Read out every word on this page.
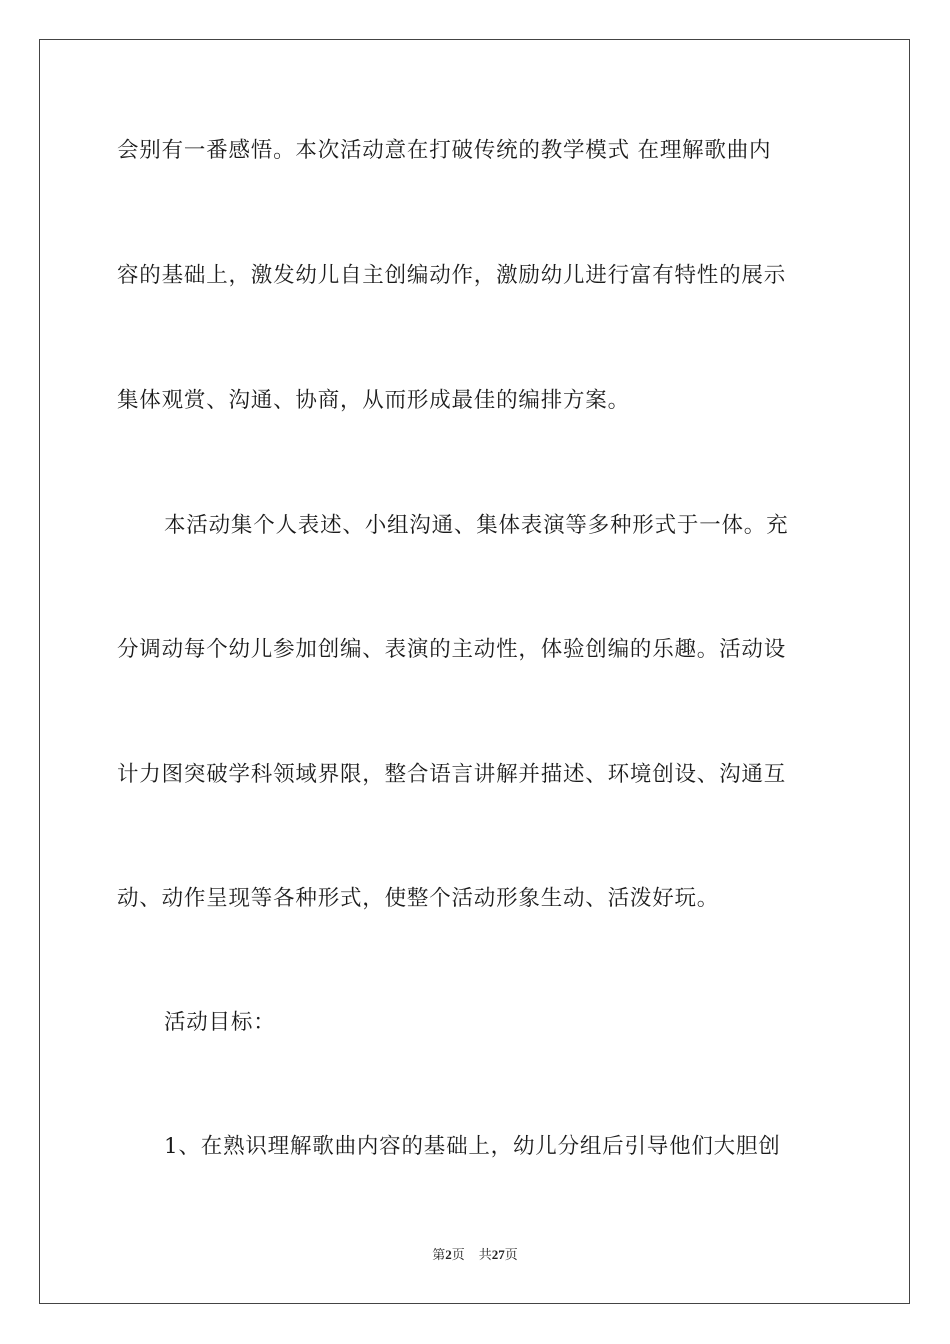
会别有一番感悟。本次活动意在打破传统的教学模式 在理解歌曲内
容的基础上，激发幼儿自主创编动作，激励幼儿进行富有特性的展示
集体观赏、沟通、协商，从而形成最佳的编排方案。
本活动集个人表述、小组沟通、集体表演等多种形式于一体。充
分调动每个幼儿参加创编、表演的主动性，体验创编的乐趣。活动设
计力图突破学科领域界限，整合语言讲解并描述、环境创设、沟通互
动、动作呈现等各种形式，使整个活动形象生动、活泼好玩。
活动目标：
1、在熟识理解歌曲内容的基础上，幼儿分组后引导他们大胆创
第2页 共27页
